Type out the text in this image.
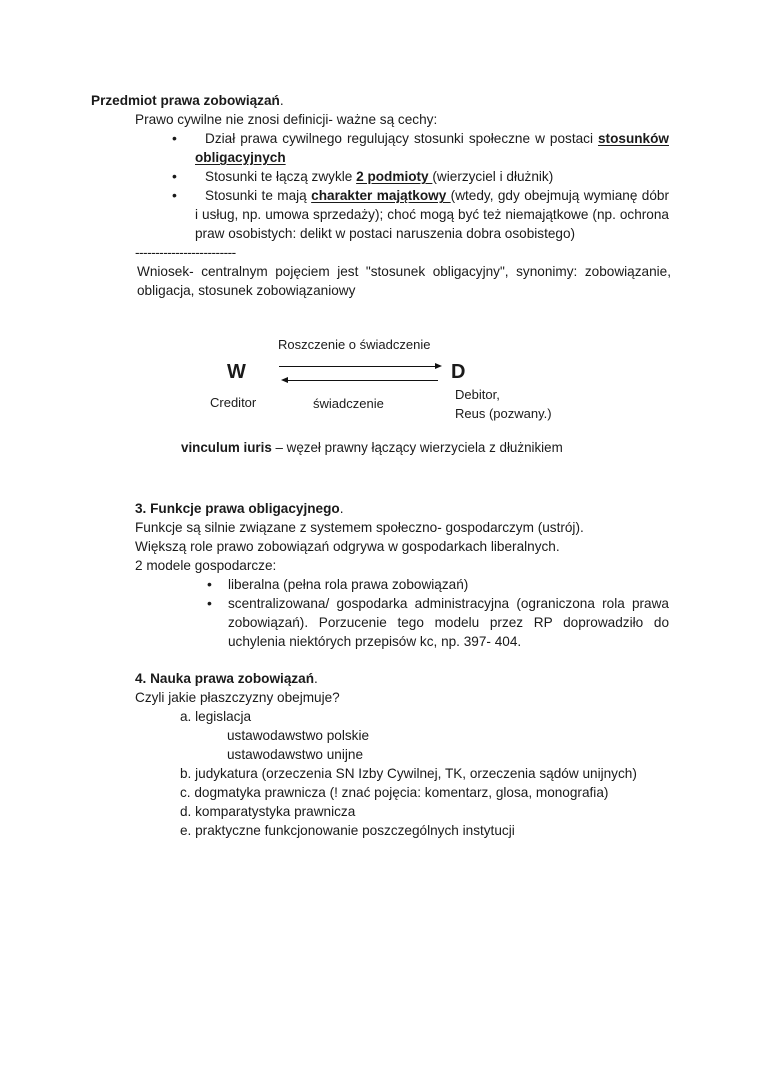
Przedmiot prawa zobowiązań.
Prawo cywilne nie znosi definicji- ważne są cechy:
•	Dział prawa cywilnego regulujący stosunki społeczne w postaci stosunków obligacyjnych
• Stosunki te łączą zwykle 2 podmioty (wierzyciel i dłużnik)
•	Stosunki te mają charakter majątkowy (wtedy, gdy obejmują wymianę dóbr i usług, np. umowa sprzedaży); choć mogą być też niemajątkowe (np. ochrona praw osobistych: delikt w postaci naruszenia dobra osobistego)
-------------------------
Wniosek- centralnym pojęciem jest "stosunek obligacyjny", synonimy: zobowiązanie, obligacja, stosunek zobowiązaniowy
Roszczenie o świadczenie
W	D
Creditor	świadczenie
Debitor,
Reus (pozwany.)
vinculum iuris – węzeł prawny łączący wierzyciela z dłużnikiem
3. Funkcje prawa obligacyjnego.
Funkcje są silnie związane z systemem społeczno- gospodarczym (ustrój).
Większą role prawo zobowiązań odgrywa w gospodarkach liberalnych.
2 modele gospodarcze:
• liberalna (pełna rola prawa zobowiązań)
• scentralizowana/ gospodarka administracyjna (ograniczona rola prawa zobowiązań). Porzucenie tego modelu przez RP doprowadziło do uchylenia niektórych przepisów kc, np. 397- 404.
4. Nauka prawa zobowiązań.
Czyli jakie płaszczyzny obejmuje?
a. legislacja
ustawodawstwo polskie
ustawodawstwo unijne
b. judykatura (orzeczenia SN Izby Cywilnej, TK, orzeczenia sądów unijnych)
c. dogmatyka prawnicza (! znać pojęcia: komentarz, glosa, monografia)
d. komparatystyka prawnicza
e. praktyczne funkcjonowanie poszczególnych instytucji
